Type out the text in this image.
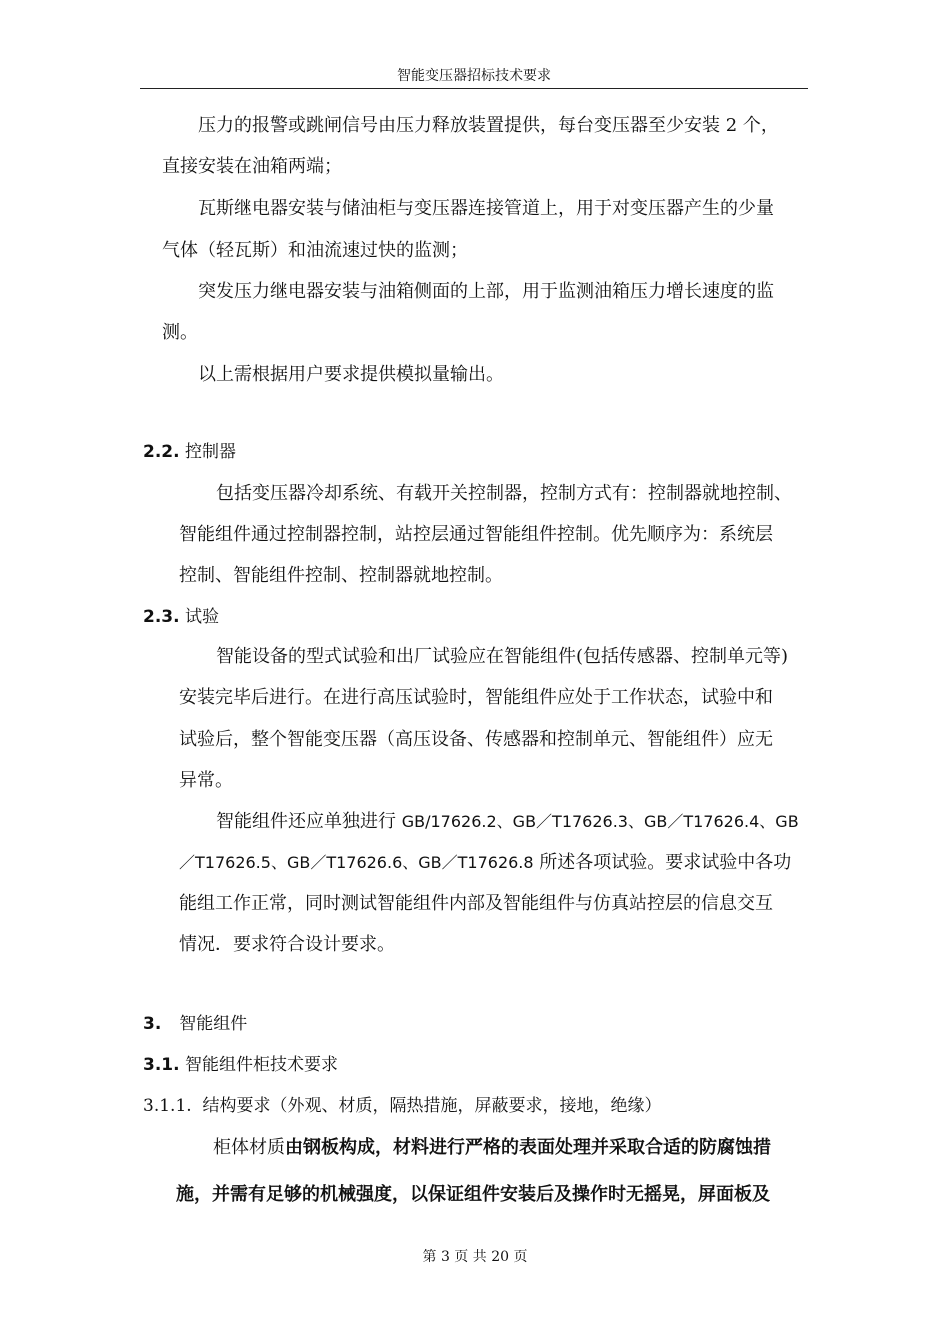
智能变压器招标技术要求
压力的报警或跳闸信号由压力释放装置提供，每台变压器至少安装 2 个，
直接安装在油箱两端；
瓦斯继电器安装与储油柜与变压器连接管道上，用于对变压器产生的少量
气体（轻瓦斯）和油流速过快的监测；
突发压力继电器安装与油箱侧面的上部，用于监测油箱压力增长速度的监
测。
以上需根据用户要求提供模拟量输出。
2.2. 控制器
包括变压器冷却系统、有载开关控制器，控制方式有：控制器就地控制、
智能组件通过控制器控制，站控层通过智能组件控制。优先顺序为：系统层
控制、智能组件控制、控制器就地控制。
2.3. 试验
智能设备的型式试验和出厂试验应在智能组件(包括传感器、控制单元等)
安装完毕后进行。在进行高压试验时，智能组件应处于工作状态，试验中和
试验后，整个智能变压器（高压设备、传感器和控制单元、智能组件）应无
异常。
智能组件还应单独进行 GB/17626.2、GB／T17626.3、GB／T17626.4、GB
／T17626.5、GB／T17626.6、GB／T17626.8 所述各项试验。要求试验中各功
能组工作正常，同时测试智能组件内部及智能组件与仿真站控层的信息交互
情况．要求符合设计要求。
3. 智能组件
3.1. 智能组件柜技术要求
3.1.1.  结构要求（外观、材质，隔热措施，屏蔽要求，接地，绝缘）
柜体材质由钢板构成，材料进行严格的表面处理并采取合适的防腐蚀措
施，并需有足够的机械强度，以保证组件安装后及操作时无摇晃，屏面板及
第 3 页 共 20 页
